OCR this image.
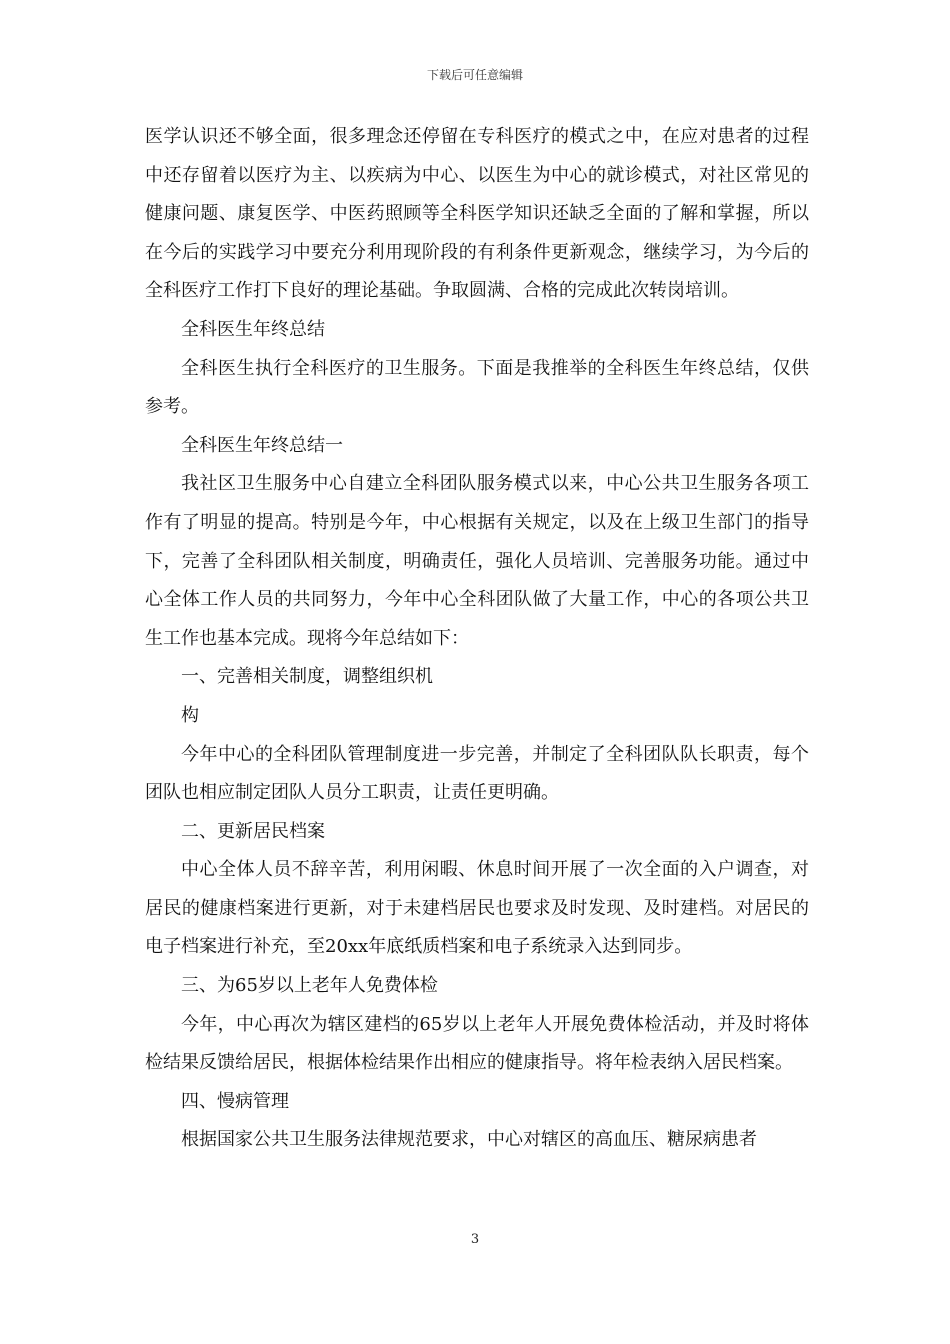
下载后可任意编辑

医学认识还不够全面，很多理念还停留在专科医疗的模式之中，在应对患者的过程中还存留着以医疗为主、以疾病为中心、以医生为中心的就诊模式，对社区常见的健康问题、康复医学、中医药照顾等全科医学知识还缺乏全面的了解和掌握，所以在今后的实践学习中要充分利用现阶段的有利条件更新观念，继续学习，为今后的全科医疗工作打下良好的理论基础。争取圆满、合格的完成此次转岗培训。

全科医生年终总结

全科医生执行全科医疗的卫生服务。下面是我推举的全科医生年终总结，仅供参考。

全科医生年终总结一

我社区卫生服务中心自建立全科团队服务模式以来，中心公共卫生服务各项工作有了明显的提高。特别是今年，中心根据有关规定，以及在上级卫生部门的指导下，完善了全科团队相关制度，明确责任，强化人员培训、完善服务功能。通过中心全体工作人员的共同努力，今年中心全科团队做了大量工作，中心的各项公共卫生工作也基本完成。现将今年总结如下：

一、完善相关制度，调整组织机

构

今年中心的全科团队管理制度进一步完善，并制定了全科团队队长职责，每个团队也相应制定团队人员分工职责，让责任更明确。

二、更新居民档案

中心全体人员不辞辛苦，利用闲暇、休息时间开展了一次全面的入户调查，对居民的健康档案进行更新，对于未建档居民也要求及时发现、及时建档。对居民的电子档案进行补充，至20xx年底纸质档案和电子系统录入达到同步。

三、为65岁以上老年人免费体检

今年，中心再次为辖区建档的65岁以上老年人开展免费体检活动，并及时将体检结果反馈给居民，根据体检结果作出相应的健康指导。将年检表纳入居民档案。

四、慢病管理

根据国家公共卫生服务法律规范要求，中心对辖区的高血压、糖尿病患者

3
